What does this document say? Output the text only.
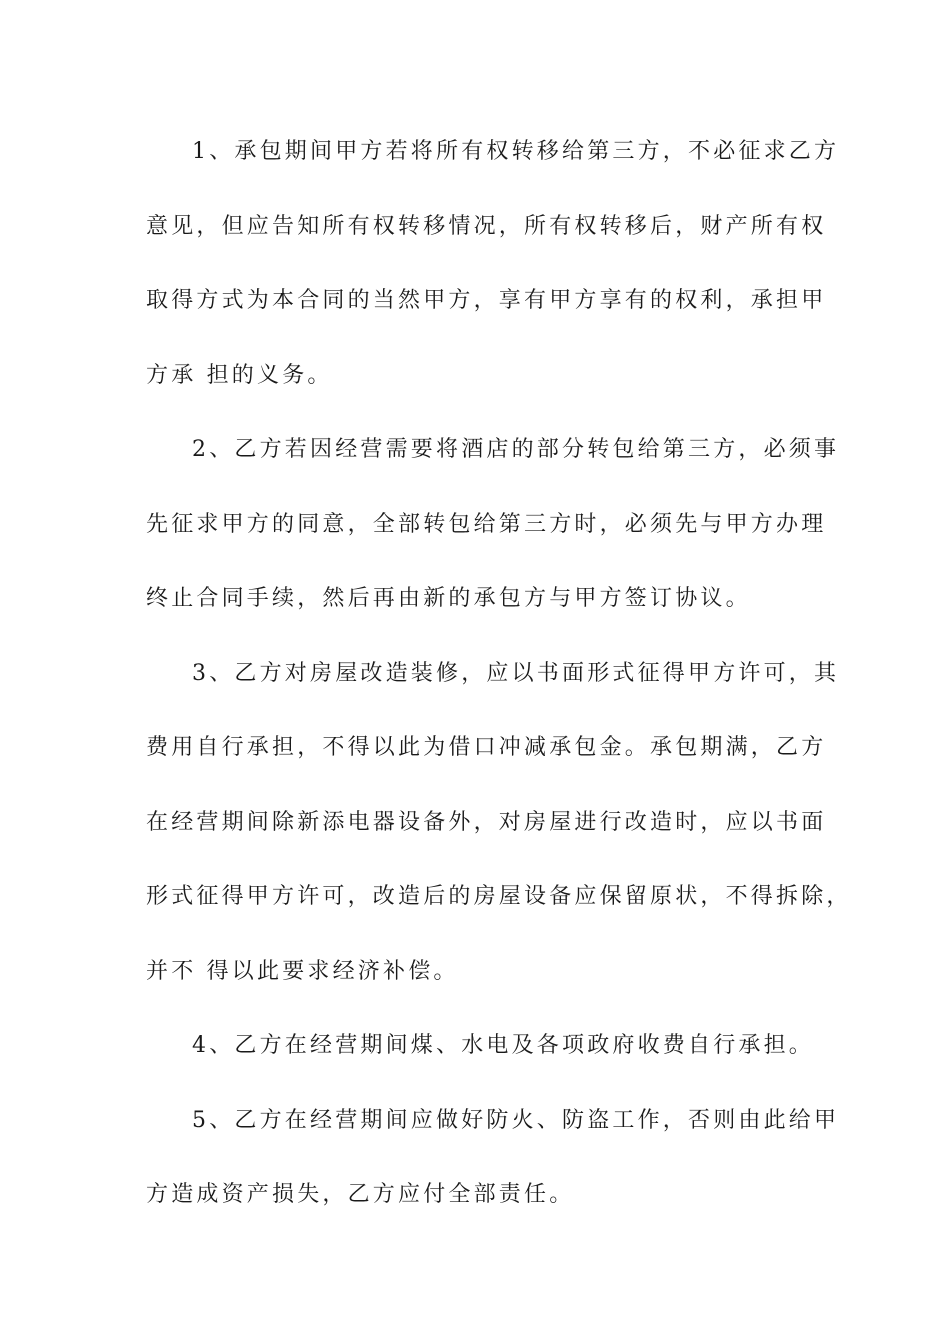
1、承包期间甲方若将所有权转移给第三方，不必征求乙方
意见，但应告知所有权转移情况，所有权转移后，财产所有权
取得方式为本合同的当然甲方，享有甲方享有的权利，承担甲
方承 担的义务。
2、乙方若因经营需要将酒店的部分转包给第三方，必须事
先征求甲方的同意，全部转包给第三方时，必须先与甲方办理
终止合同手续，然后再由新的承包方与甲方签订协议。
3、乙方对房屋改造装修，应以书面形式征得甲方许可，其
费用自行承担，不得以此为借口冲减承包金。承包期满，乙方
在经营期间除新添电器设备外，对房屋进行改造时，应以书面
形式征得甲方许可，改造后的房屋设备应保留原状，不得拆除，
并不 得以此要求经济补偿。
4、乙方在经营期间煤、水电及各项政府收费自行承担。
5、乙方在经营期间应做好防火、防盗工作，否则由此给甲
方造成资产损失，乙方应付全部责任。
